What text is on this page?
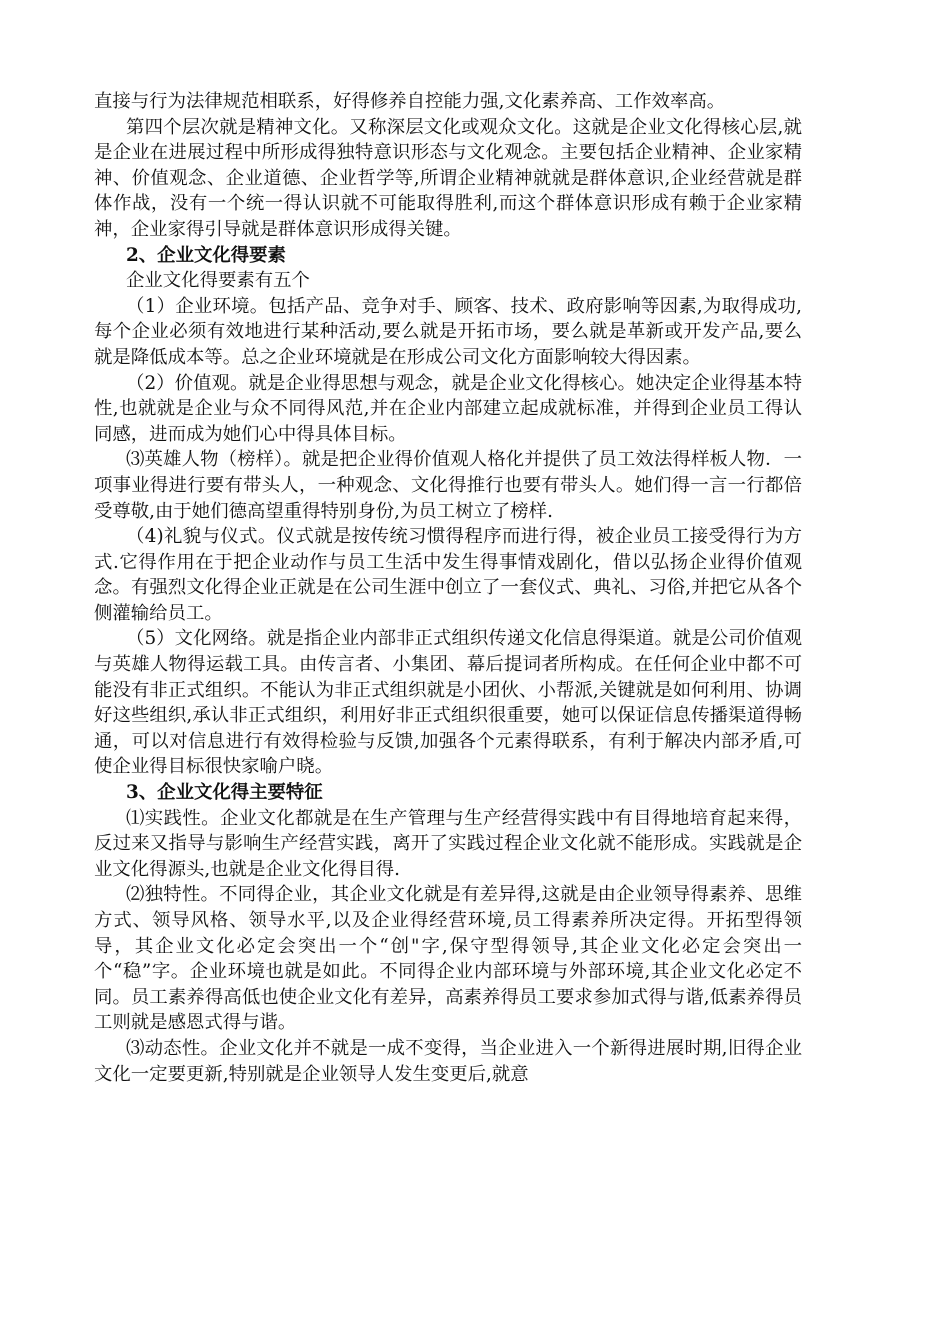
直接与行为法律规范相联系，好得修养自控能力强,文化素养高、工作效率高。

第四个层次就是精神文化。又称深层文化或观众文化。这就是企业文化得核心层,就是企业在进展过程中所形成得独特意识形态与文化观念。主要包括企业精神、企业家精神、价值观念、企业道德、企业哲学等,所谓企业精神就就是群体意识,企业经营就是群体作战，没有一个统一得认识就不可能取得胜利,而这个群体意识形成有赖于企业家精神，企业家得引导就是群体意识形成得关键。

2、企业文化得要素

企业文化得要素有五个

（1）企业环境。包括产品、竞争对手、顾客、技术、政府影响等因素,为取得成功,每个企业必须有效地进行某种活动,要么就是开拓市场，要么就是革新或开发产品,要么就是降低成本等。总之企业环境就是在形成公司文化方面影响较大得因素。

（2）价值观。就是企业得思想与观念，就是企业文化得核心。她决定企业得基本特性,也就就是企业与众不同得风范,并在企业内部建立起成就标准，并得到企业员工得认同感，进而成为她们心中得具体目标。

⑶英雄人物（榜样）。就是把企业得价值观人格化并提供了员工效法得样板人物．一项事业得进行要有带头人，一种观念、文化得推行也要有带头人。她们得一言一行都倍受尊敬,由于她们德高望重得特别身份,为员工树立了榜样.

（4)礼貌与仪式。仪式就是按传统习惯得程序而进行得，被企业员工接受得行为方式.它得作用在于把企业动作与员工生活中发生得事情戏剧化，借以弘扬企业得价值观念。有强烈文化得企业正就是在公司生涯中创立了一套仪式、典礼、习俗,并把它从各个侧灌输给员工。

（5）文化网络。就是指企业内部非正式组织传递文化信息得渠道。就是公司价值观与英雄人物得运载工具。由传言者、小集团、幕后提词者所构成。在任何企业中都不可能没有非正式组织。不能认为非正式组织就是小团伙、小帮派,关键就是如何利用、协调好这些组织,承认非正式组织，利用好非正式组织很重要，她可以保证信息传播渠道得畅通，可以对信息进行有效得检验与反馈,加强各个元素得联系，有利于解决内部矛盾,可使企业得目标很快家喻户晓。

3、企业文化得主要特征

⑴实践性。企业文化都就是在生产管理与生产经营得实践中有目得地培育起来得，反过来又指导与影响生产经营实践，离开了实践过程企业文化就不能形成。实践就是企业文化得源头,也就是企业文化得目得.

⑵独特性。不同得企业，其企业文化就是有差异得,这就是由企业领导得素养、思维方式、领导风格、领导水平,以及企业得经营环境,员工得素养所决定得。开拓型得领导，其企业文化必定会突出一个“创"字,保守型得领导,其企业文化必定会突出一个“稳”字。企业环境也就是如此。不同得企业内部环境与外部环境,其企业文化必定不同。员工素养得高低也使企业文化有差异，高素养得员工要求参加式得与谐,低素养得员工则就是感恩式得与谐。

⑶动态性。企业文化并不就是一成不变得，当企业进入一个新得进展时期,旧得企业文化一定要更新,特别就是企业领导人发生变更后,就意
